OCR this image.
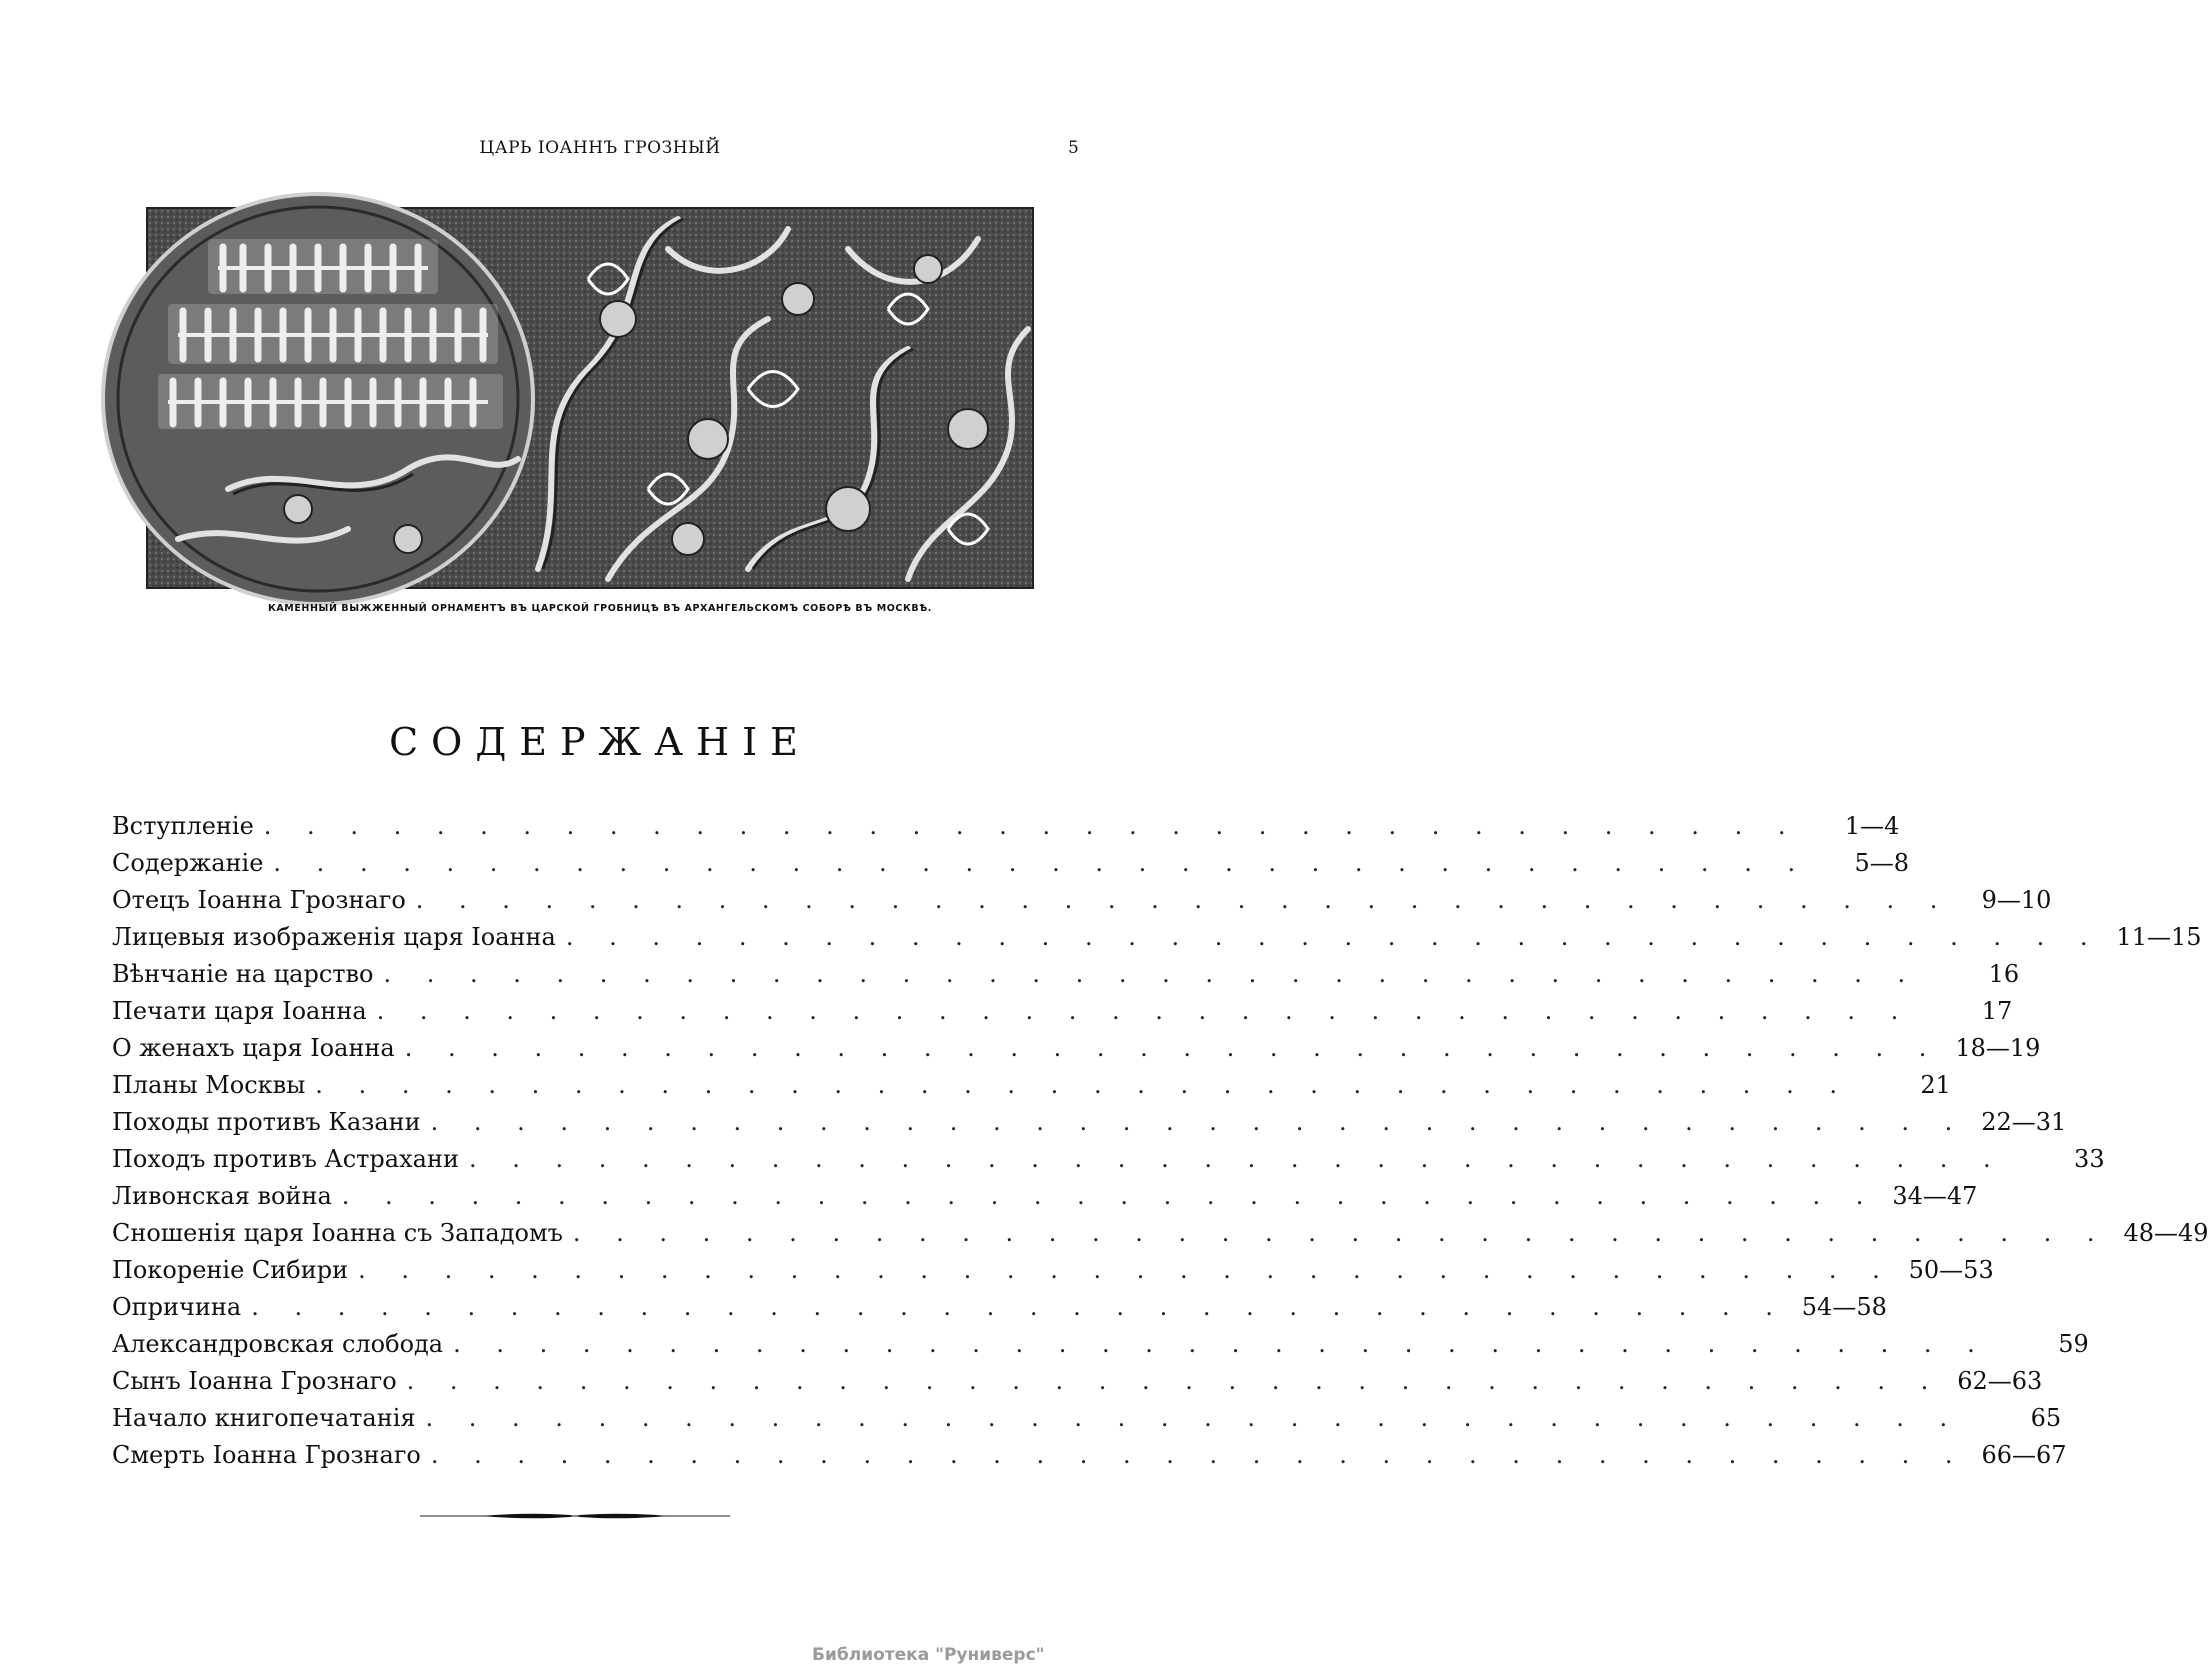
ЦАРЬ ІОАННЪ ГРОЗНЫЙ	5
КАМЕННЫЙ ВЫЖЖЕННЫЙ ОРНАМЕНТЪ ВЪ ЦАРСКОЙ ГРОБНИЦѢ ВЪ АРХАНГЕЛЬСКОМЪ СОБОРѢ ВЪ МОСКВѢ.
СОДЕРЖАНІЕ
Вступленіе . . . . . . . . . . . . . . . . . . . . . . . . . . . . . . . . . . . .	1—4
Содержаніе . . . . . . . . . . . . . . . . . . . . . . . . . . . . . . . . . . . .	5—8
Отецъ Іоанна Грознаго . . . . . . . . . . . . . . . . . . . . . . . . . . . . . . . . . . . .	9—10
Лицевыя изображенія царя Іоанна . . . . . . . . . . . . . . . . . . . . . . . . . . . . . . . . . . . . 11—15
Вѣнчаніе на царство . . . . . . . . . . . . . . . . . . . . . . . . . . . . . . . . . . . .	16
Печати царя Іоанна . . . . . . . . . . . . . . . . . . . . . . . . . . . . . . . . . . . .	17
О женахъ царя Іоанна . . . . . . . . . . . . . . . . . . . . . . . . . . . . . . . . . . . . 18—19
Планы Москвы . . . . . . . . . . . . . . . . . . . . . . . . . . . . . . . . . . . .	21
Походы противъ Казани . . . . . . . . . . . . . . . . . . . . . . . . . . . . . . . . . . . . 22—31
Походъ противъ Астрахани . . . . . . . . . . . . . . . . . . . . . . . . . . . . . . . . . . . .	33
Ливонская война . . . . . . . . . . . . . . . . . . . . . . . . . . . . . . . . . . . . 34—47
Сношенія царя Іоанна съ Западомъ . . . . . . . . . . . . . . . . . . . . . . . . . . . . . . . . . . . . 48—49
Покореніе Сибири . . . . . . . . . . . . . . . . . . . . . . . . . . . . . . . . . . . . 50—53
Опричина . . . . . . . . . . . . . . . . . . . . . . . . . . . . . . . . . . . . 54—58
Александровская слобода . . . . . . . . . . . . . . . . . . . . . . . . . . . . . . . . . . . .	59
Сынъ Іоанна Грознаго . . . . . . . . . . . . . . . . . . . . . . . . . . . . . . . . . . . . 62—63
Начало книгопечатанія . . . . . . . . . . . . . . . . . . . . . . . . . . . . . . . . . . . .	65
Смерть Іоанна Грознаго . . . . . . . . . . . . . . . . . . . . . . . . . . . . . . . . . . . . 66—67
Библиотека "Руниверс"
